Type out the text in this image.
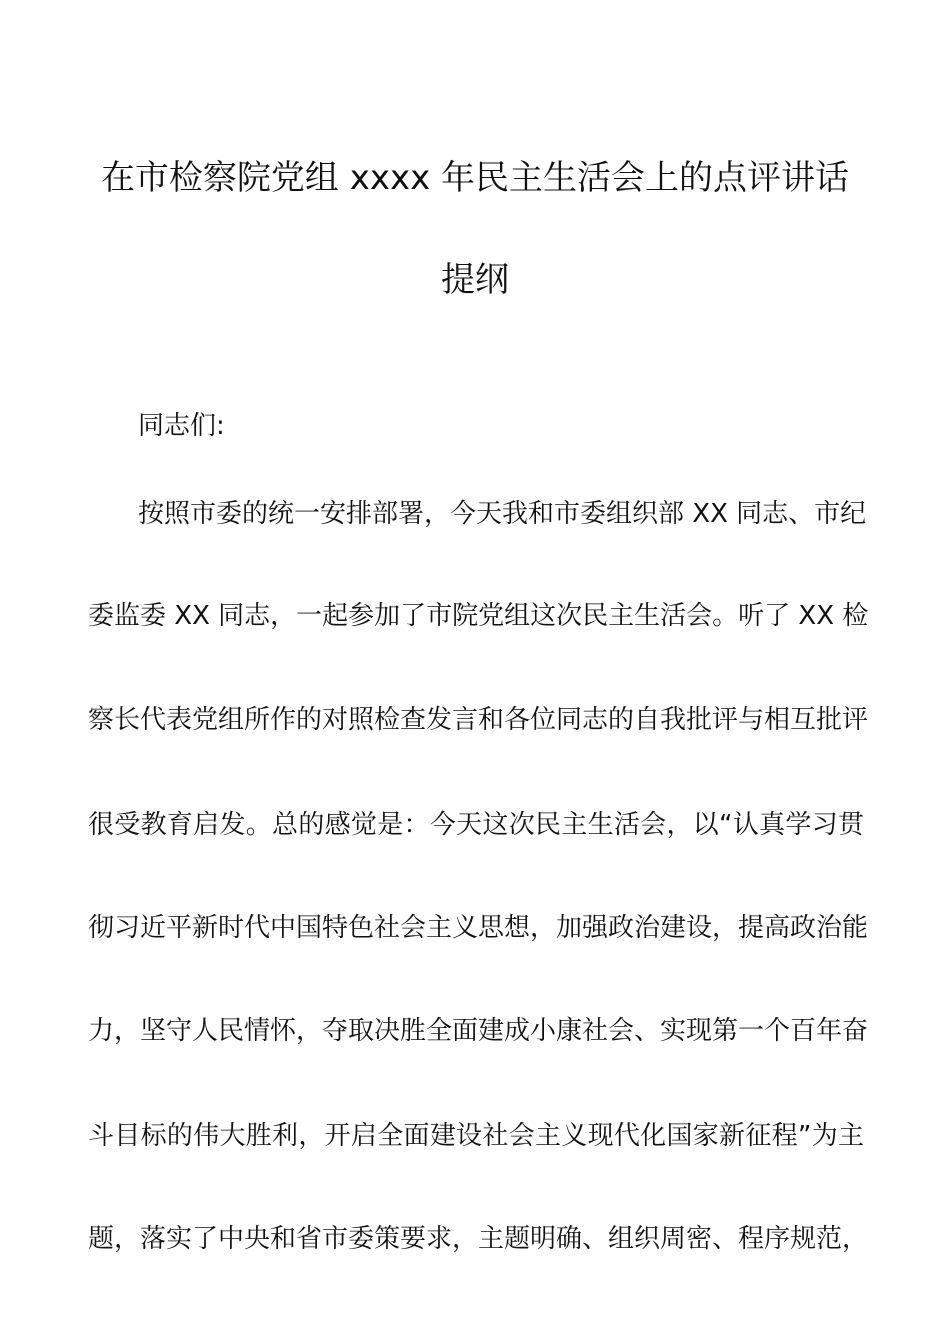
在市检察院党组 xxxx 年民主生活会上的点评讲话
提纲
同志们:
按照市委的统一安排部署，今天我和市委组织部 XX 同志、市纪
委监委 XX 同志，一起参加了市院党组这次民主生活会。听了 XX 检
察长代表党组所作的对照检查发言和各位同志的自我批评与相互批评
很受教育启发。总的感觉是：今天这次民主生活会，以“认真学习贯
彻习近平新时代中国特色社会主义思想，加强政治建设，提高政治能
力，坚守人民情怀，夺取决胜全面建成小康社会、实现第一个百年奋
斗目标的伟大胜利，开启全面建设社会主义现代化国家新征程”为主
题，落实了中央和省市委策要求，主题明确、组织周密、程序规范，
